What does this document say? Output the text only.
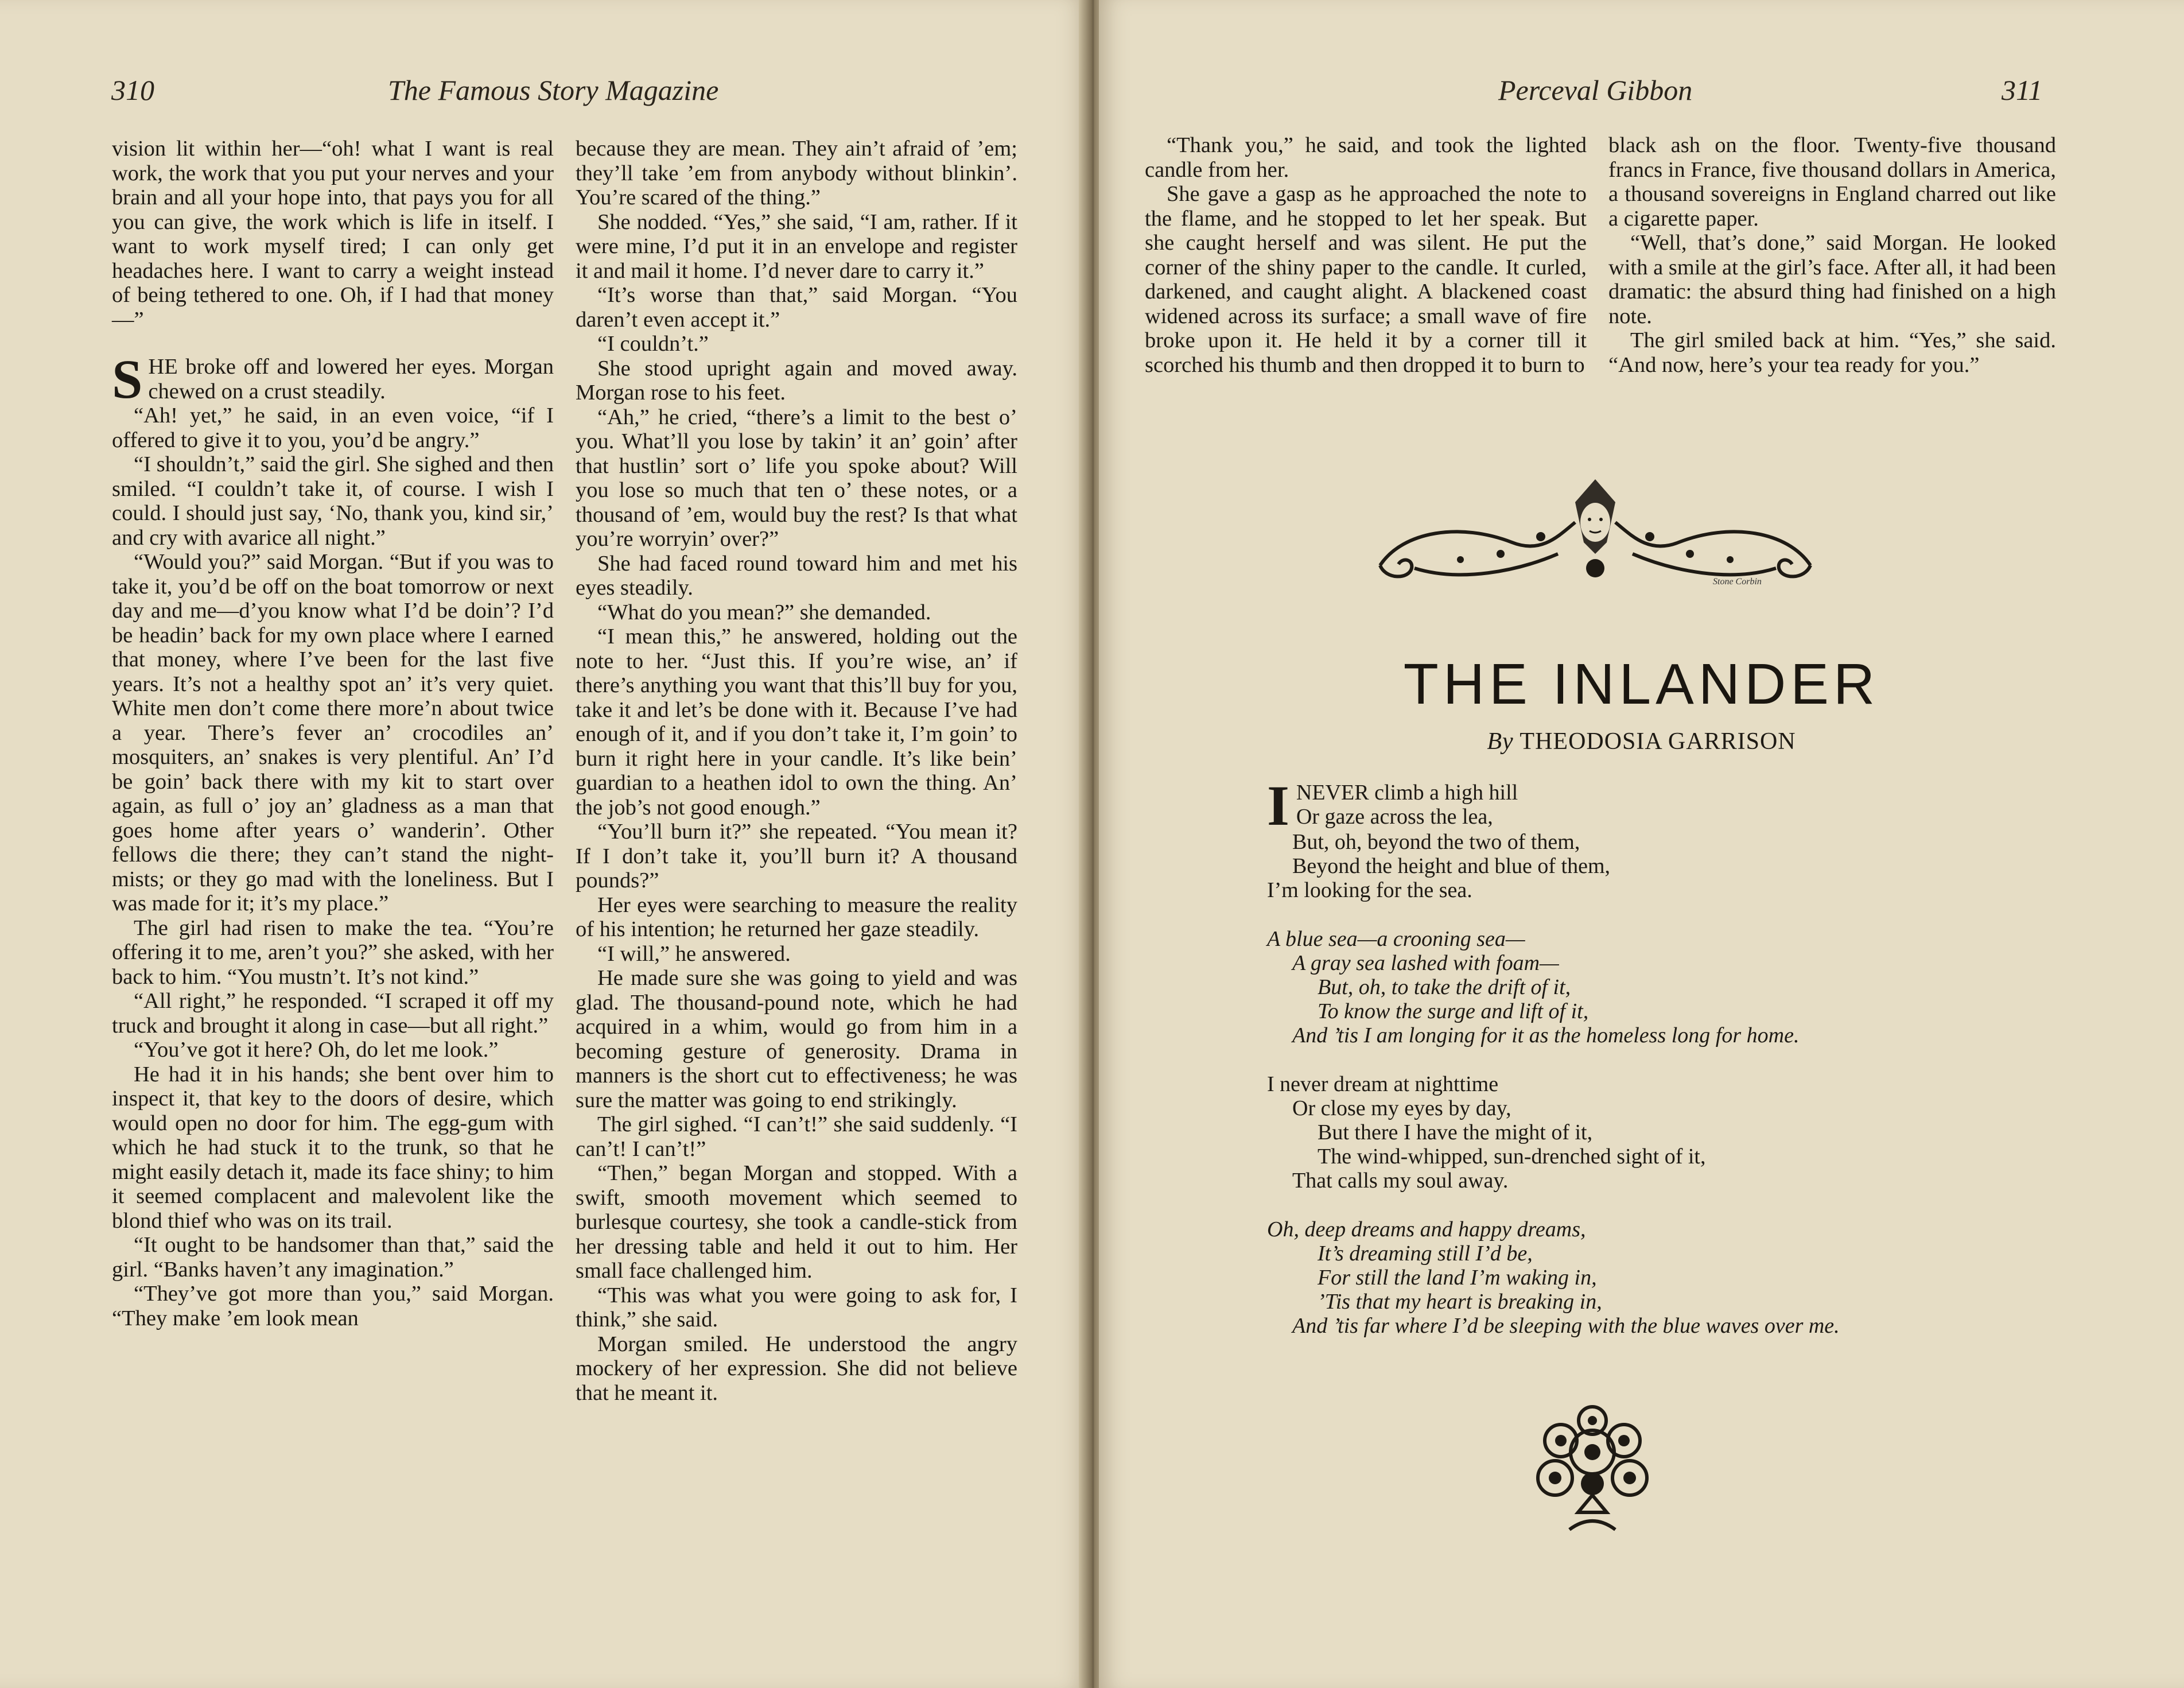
310	The Famous Story Magazine

vision lit within her—“oh! what I want is real work, the work that you put your nerves and your brain and all your hope into, that pays you for all you can give, the work which is life in itself. I want to work myself tired; I can only get headaches here. I want to carry a weight instead of being tethered to one. Oh, if I had that money—”

SHE broke off and lowered her eyes. Morgan chewed on a crust steadily.

“Ah! yet,” he said, in an even voice, “if I offered to give it to you, you’d be angry.”

“I shouldn’t,” said the girl. She sighed and then smiled. “I couldn’t take it, of course. I wish I could. I should just say, ‘No, thank you, kind sir,’ and cry with avarice all night.”

“Would you?” said Morgan. “But if you was to take it, you’d be off on the boat tomorrow or next day and me—d’you know what I’d be doin’? I’d be headin’ back for my own place where I earned that money, where I’ve been for the last five years. It’s not a healthy spot an’ it’s very quiet. White men don’t come there more’n about twice a year. There’s fever an’ crocodiles an’ mosquiters, an’ snakes is very plentiful. An’ I’d be goin’ back there with my kit to start over again, as full o’ joy an’ gladness as a man that goes home after years o’ wanderin’. Other fellows die there; they can’t stand the night-mists; or they go mad with the loneliness. But I was made for it; it’s my place.”

The girl had risen to make the tea. “You’re offering it to me, aren’t you?” she asked, with her back to him. “You mustn’t. It’s not kind.”

“All right,” he responded. “I scraped it off my truck and brought it along in case—but all right.”

“You’ve got it here? Oh, do let me look.”

He had it in his hands; she bent over him to inspect it, that key to the doors of desire, which would open no door for him. The egg-gum with which he had stuck it to the trunk, so that he might easily detach it, made its face shiny; to him it seemed complacent and malevolent like the blond thief who was on its trail.

“It ought to be handsomer than that,” said the girl. “Banks haven’t any imagination.”

“They’ve got more than you,” said Morgan. “They make ’em look mean

because they are mean. They ain’t afraid of ’em; they’ll take ’em from anybody without blinkin’. You’re scared of the thing.”

She nodded. “Yes,” she said, “I am, rather. If it were mine, I’d put it in an envelope and register it and mail it home. I’d never dare to carry it.”

“It’s worse than that,” said Morgan. “You daren’t even accept it.”

“I couldn’t.”

She stood upright again and moved away. Morgan rose to his feet.

“Ah,” he cried, “there’s a limit to the best o’ you. What’ll you lose by takin’ it an’ goin’ after that hustlin’ sort o’ life you spoke about? Will you lose so much that ten o’ these notes, or a thousand of ’em, would buy the rest? Is that what you’re worryin’ over?”

She had faced round toward him and met his eyes steadily.

“What do you mean?” she demanded.

“I mean this,” he answered, holding out the note to her. “Just this. If you’re wise, an’ if there’s anything you want that this’ll buy for you, take it and let’s be done with it. Because I’ve had enough of it, and if you don’t take it, I’m goin’ to burn it right here in your candle. It’s like bein’ guardian to a heathen idol to own the thing. An’ the job’s not good enough.”

“You’ll burn it?” she repeated. “You mean it? If I don’t take it, you’ll burn it? A thousand pounds?”

Her eyes were searching to measure the reality of his intention; he returned her gaze steadily.

“I will,” he answered.

He made sure she was going to yield and was glad. The thousand-pound note, which he had acquired in a whim, would go from him in a becoming gesture of generosity. Drama in manners is the short cut to effectiveness; he was sure the matter was going to end strikingly.

The girl sighed. “I can’t!” she said suddenly. “I can’t! I can’t!”

“Then,” began Morgan and stopped. With a swift, smooth movement which seemed to burlesque courtesy, she took a candle-stick from her dressing table and held it out to him. Her small face challenged him.

“This was what you were going to ask for, I think,” she said.

Morgan smiled. He understood the angry mockery of her expression. She did not believe that he meant it.

Perceval Gibbon	311

“Thank you,” he said, and took the lighted candle from her.

She gave a gasp as he approached the note to the flame, and he stopped to let her speak. But she caught herself and was silent. He put the corner of the shiny paper to the candle. It curled, darkened, and caught alight. A blackened coast widened across its surface; a small wave of fire broke upon it. He held it by a corner till it scorched his thumb and then dropped it to burn to

black ash on the floor. Twenty-five thousand francs in France, five thousand dollars in America, a thousand sovereigns in England charred out like a cigarette paper.

“Well, that’s done,” said Morgan. He looked with a smile at the girl’s face. After all, it had been dramatic: the absurd thing had finished on a high note.

The girl smiled back at him. “Yes,” she said. “And now, here’s your tea ready for you.”

Stone Corbin
THE INLANDER
By THEODOSIA GARRISON
I NEVER climb a high hill
Or gaze across the lea,
But, oh, beyond the two of them,
Beyond the height and blue of them,
I’m looking for the sea.
A blue sea—a crooning sea—
A gray sea lashed with foam—
But, oh, to take the drift of it,
To know the surge and lift of it,
And ’tis I am longing for it as the homeless long for home.
I never dream at nighttime
Or close my eyes by day,
But there I have the might of it,
The wind-whipped, sun-drenched sight of it,
That calls my soul away.
Oh, deep dreams and happy dreams,
It’s dreaming still I’d be,
For still the land I’m waking in,
’Tis that my heart is breaking in,
And ’tis far where I’d be sleeping with the blue waves over me.
